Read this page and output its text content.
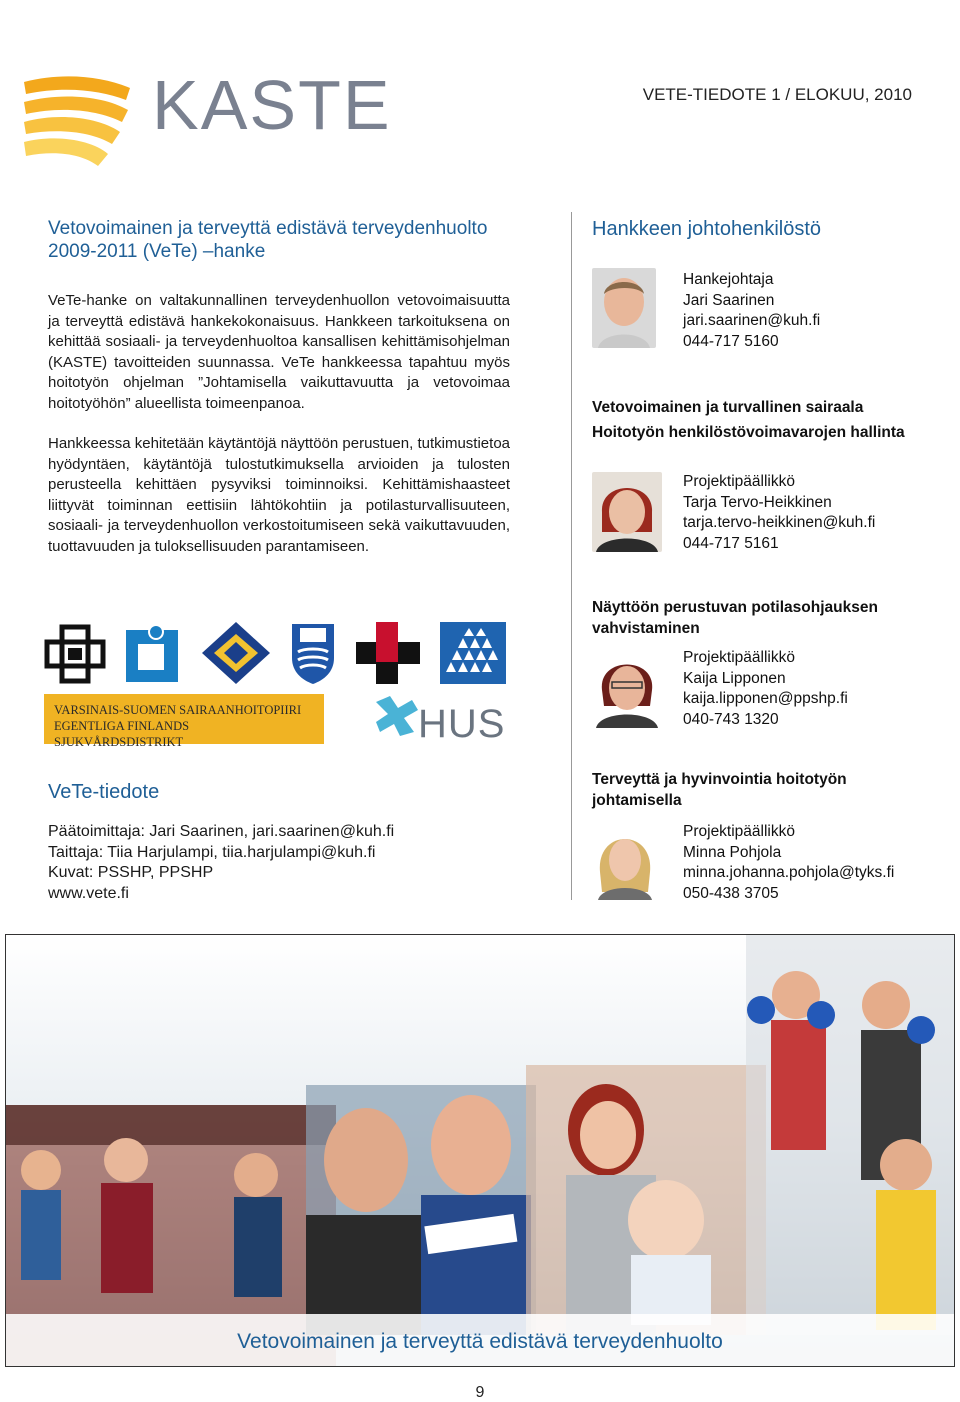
KASTE	VETE-TIEDOTE 1 / ELOKUU, 2010
Vetovoimainen ja terveyttä edistävä terveydenhuolto 2009-2011 (VeTe) –hanke

VeTe-hanke on valtakunnallinen terveydenhuollon vetovoimaisuutta ja terveyttä edistävä hankekokonaisuus. Hankkeen tarkoituksena on kehittää sosiaali- ja terveydenhuoltoa kansallisen kehittämisohjelman (KASTE) tavoitteiden suunnassa. VeTe hankkeessa tapahtuu myös hoitotyön ohjelman ”Johtamisella vaikuttavuutta ja vetovoimaa hoitotyöhön” alueellista toimeenpanoa.

Hankkeessa kehitetään käytäntöjä näyttöön perustuen, tutkimustietoa hyödyntäen, käytäntöjä tulostutkimuksella arvioiden ja tulosten perusteella kehittäen pysyviksi toiminnoiksi. Kehittämishaasteet liittyvät toiminnan eettisiin lähtökohtiin ja potilasturvallisuuteen, sosiaali- ja terveydenhuollon verkostoitumiseen sekä vaikuttavuuden, tuottavuuden ja tuloksellisuuden parantamiseen.

VARSINAIS-SUOMEN SAIRAANHOITOPIIRI
EGENTLIGA FINLANDS SJUKVÅRDSDISTRIKT	HUS
VeTe-tiedote
Päätoimittaja: Jari Saarinen, jari.saarinen@kuh.fi
Taittaja: Tiia Harjulampi, tiia.harjulampi@kuh.fi
Kuvat: PSSHP, PPSHP
www.vete.fi
Hankkeen johtohenkilöstö
Hankejohtaja
Jari Saarinen
jari.saarinen@kuh.fi
044-717 5160
Vetovoimainen ja turvallinen sairaala
Hoitotyön henkilöstövoimavarojen hallinta
Projektipäällikkö
Tarja Tervo-Heikkinen
tarja.tervo-heikkinen@kuh.fi
044-717 5161
Näyttöön perustuvan potilasohjauksen vahvistaminen
Projektipäällikkö
Kaija Lipponen
kaija.lipponen@ppshp.fi
040-743 1320
Terveyttä ja hyvinvointia hoitotyön johtamisella
Projektipäällikkö
Minna Pohjola
minna.johanna.pohjola@tyks.fi
050-438 3705
Vetovoimainen ja terveyttä edistävä terveydenhuolto
9
